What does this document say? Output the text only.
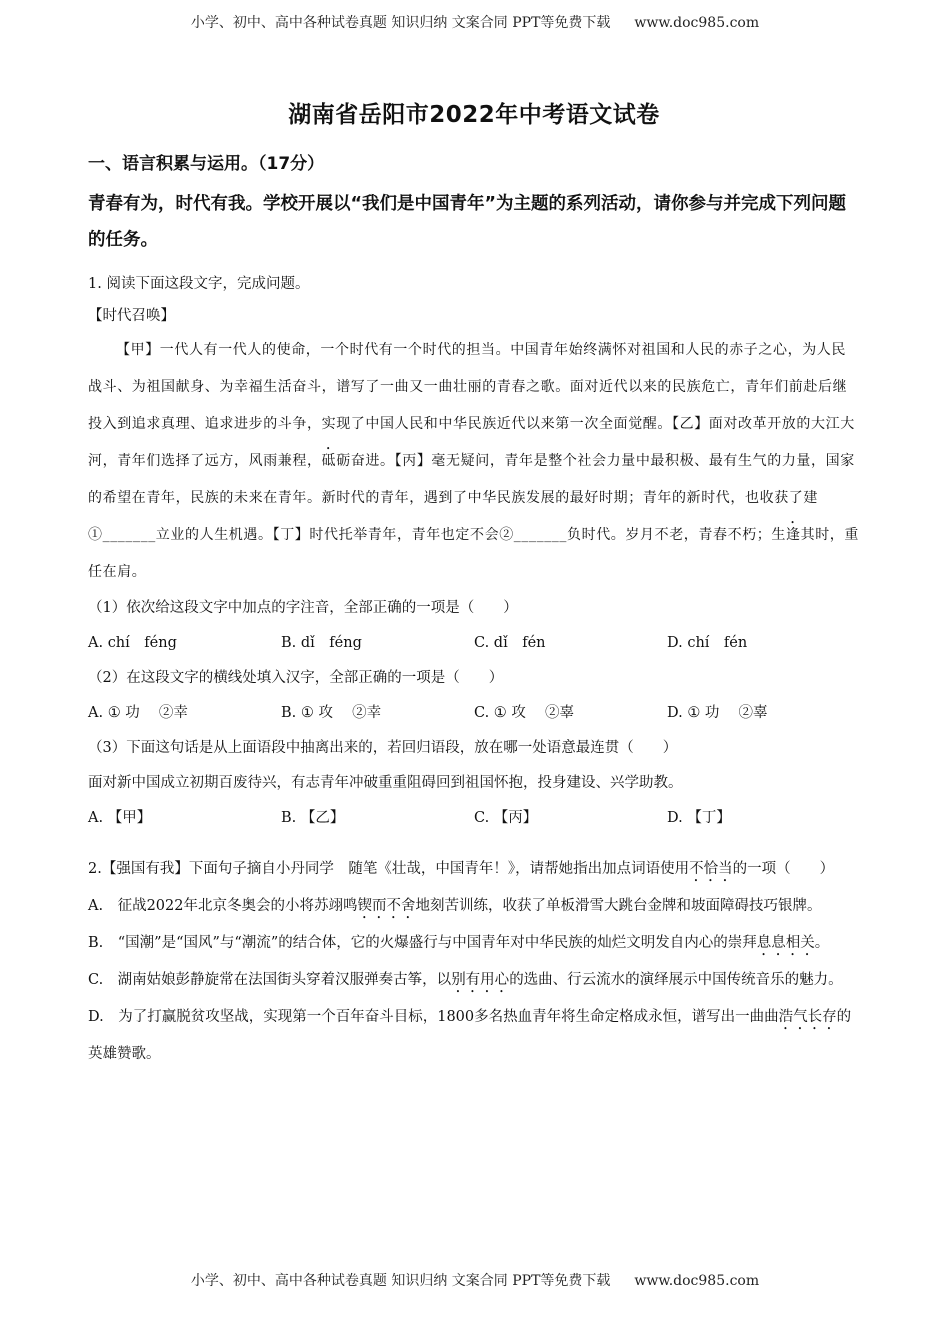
小学、初中、高中各种试卷真题 知识归纳 文案合同 PPT等免费下载 www.doc985.com
湖南省岳阳市2022年中考语文试卷
一、语言积累与运用。（17分）
青春有为，时代有我。学校开展以“我们是中国青年”为主题的系列活动，请你参与并完成下列问题的任务。
1. 阅读下面这段文字，完成问题。
【时代召唤】

【甲】一代人有一代人的使命，一个时代有一个时代的担当。中国青年始终满怀对祖国和人民的赤子之心，为人民战斗、为祖国献身、为幸福生活奋斗，谱写了一曲又一曲壮丽的青春之歌。面对近代以来的民族危亡，青年们前赴后继投入到追求真理、追求进步的斗争，实现了中国人民和中华民族近代以来第一次全面觉醒。【乙】面对改革开放的大江大河，青年们选择了远方，风雨兼程，砥砺奋进。【丙】毫无疑问，青年是整个社会力量中最积极、最有生气的力量，国家的希望在青年，民族的未来在青年。新时代的青年，遇到了中华民族发展的最好时期；青年的新时代，也收获了建①_______立业的人生机遇。【丁】时代托举青年，青年也定不会②_______负时代。岁月不老，青春不朽；生逢其时，重任在肩。

（1）依次给这段文字中加点的字注音，全部正确的一项是（　　）
A. chí　féng	B. dǐ　féng	C. dǐ　fén	D. chí　fén
（2）在这段文字的横线处填入汉字，全部正确的一项是（　　）
A. ① 功　 ②幸	B. ① 攻　 ②幸	C. ① 攻　 ②辜	D. ① 功　 ②辜
（3）下面这句话是从上面语段中抽离出来的，若回归语段，放在哪一处语意最连贯（　　）
面对新中国成立初期百废待兴，有志青年冲破重重阻碍回到祖国怀抱，投身建设、兴学助教。
A. 【甲】	B. 【乙】	C. 【丙】	D. 【丁】
2.【强国有我】下面句子摘自小丹同学　随笔《壮哉，中国青年！》，请帮她指出加点词语使用不恰当的一项（　　）
A.　征战2022年北京冬奥会的小将苏翊鸣锲而不舍地刻苦训练，收获了单板滑雪大跳台金牌和坡面障碍技巧银牌。
B.　“国潮”是“国风”与“潮流”的结合体，它的火爆盛行与中国青年对中华民族的灿烂文明发自内心的崇拜息息相关。
C.　湖南姑娘彭静旋常在法国街头穿着汉服弹奏古筝，以别有用心的选曲、行云流水的演绎展示中国传统音乐的魅力。
D.　为了打赢脱贫攻坚战，实现第一个百年奋斗目标，1800多名热血青年将生命定格成永恒，谱写出一曲曲浩气长存的英雄赞歌。
小学、初中、高中各种试卷真题 知识归纳 文案合同 PPT等免费下载 www.doc985.com
